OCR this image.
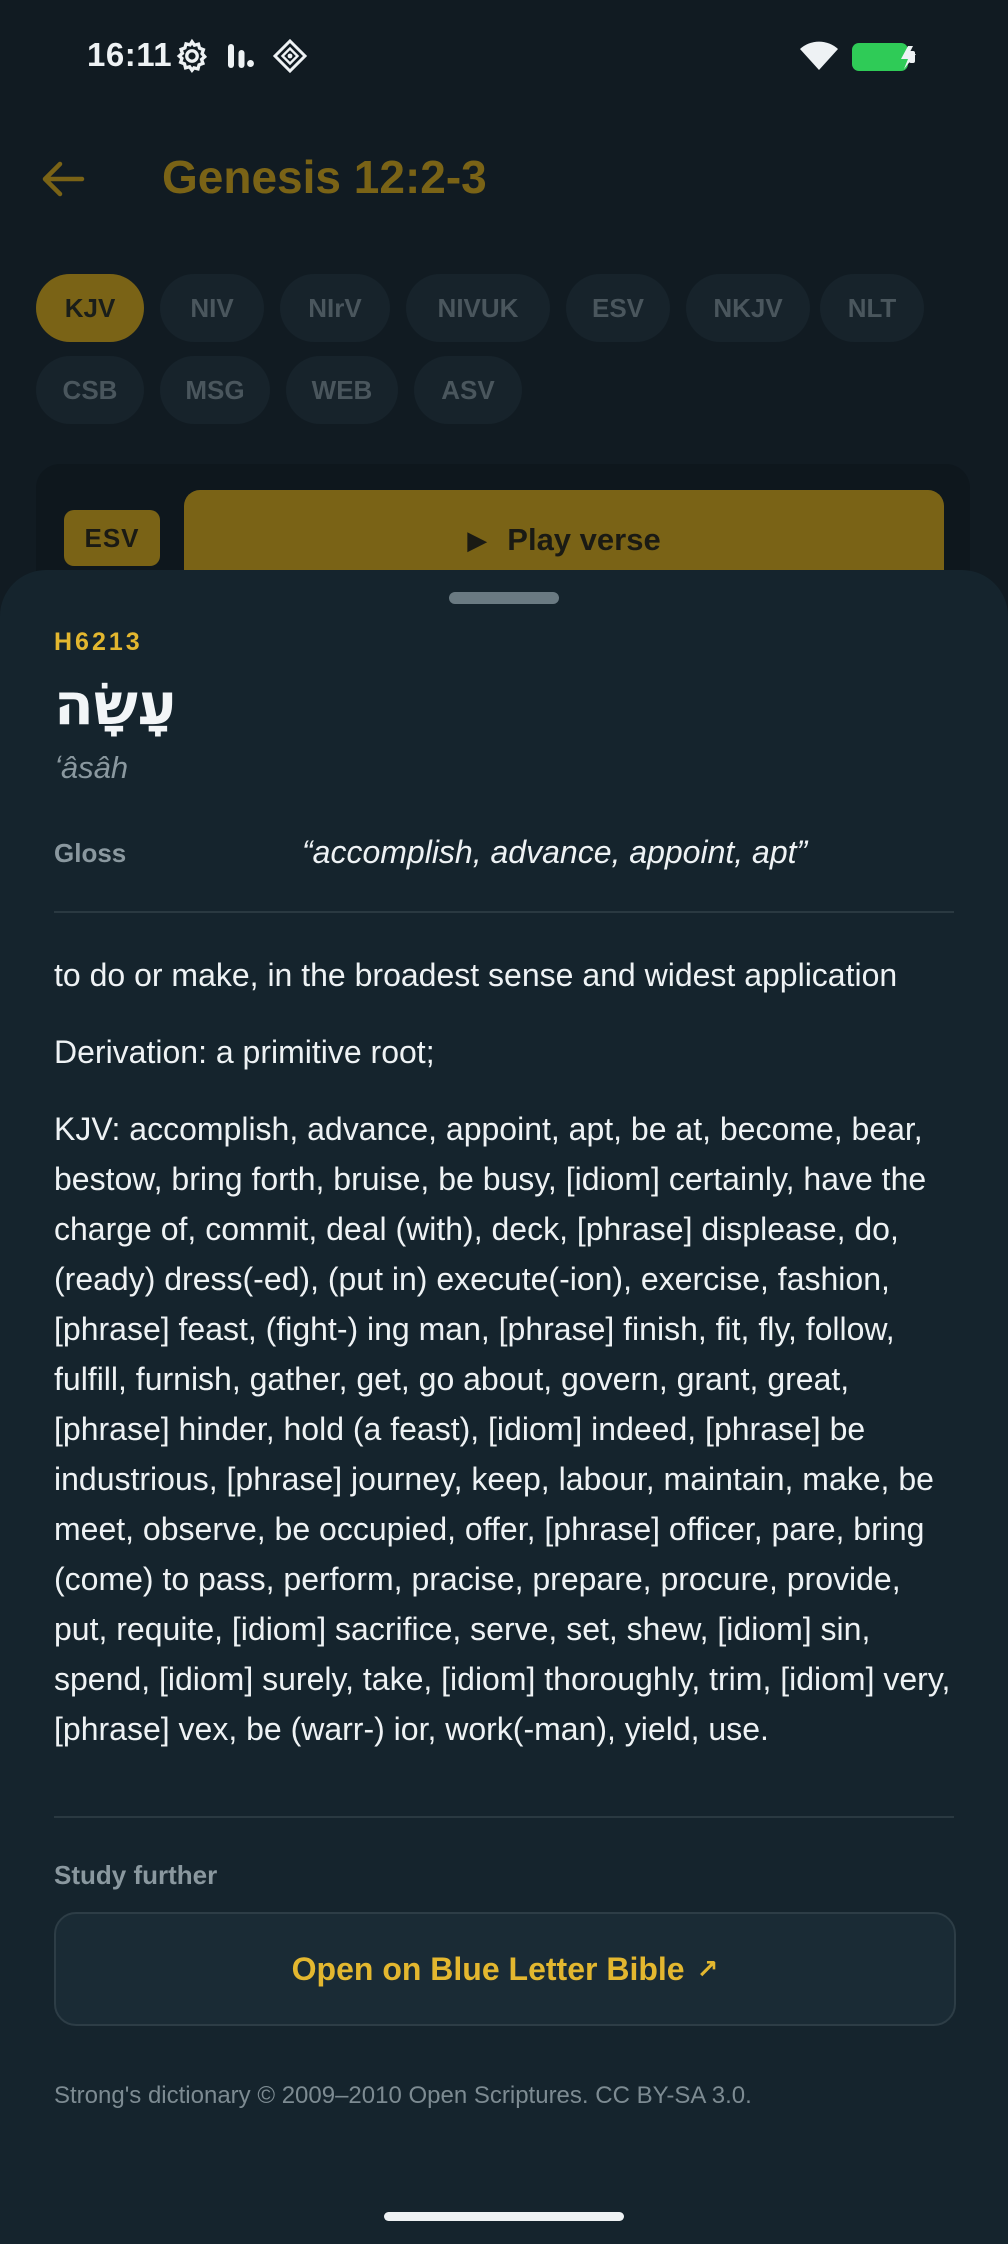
16:11
Genesis 12:2-3
KJV	NIV	NIrV	NIVUK	ESV	NKJV	NLT
CSB	MSG	WEB	ASV
ESV	▶ Play verse
H6213
עָשָׂה
ʻâsâh
Gloss	“accomplish, advance, appoint, apt”
to do or make, in the broadest sense and widest application
Derivation: a primitive root;
KJV: accomplish, advance, appoint, apt, be at, become, bear, bestow, bring forth, bruise, be busy, [idiom] certainly, have the charge of, commit, deal (with), deck, [phrase] displease, do, (ready) dress(-ed), (put in) execute(-ion), exercise, fashion, [phrase] feast, (fight-) ing man, [phrase] finish, fit, fly, follow, fulfill, furnish, gather, get, go about, govern, grant, great, [phrase] hinder, hold (a feast), [idiom] indeed, [phrase] be industrious, [phrase] journey, keep, labour, maintain, make, be meet, observe, be occupied, offer, [phrase] officer, pare, bring (come) to pass, perform, pracise, prepare, procure, provide, put, requite, [idiom] sacrifice, serve, set, shew, [idiom] sin, spend, [idiom] surely, take, [idiom] thoroughly, trim, [idiom] very, [phrase] vex, be (warr-) ior, work(-man), yield, use.
Study further
Open on Blue Letter Bible ↗
Strong's dictionary © 2009–2010 Open Scriptures. CC BY-SA 3.0.
